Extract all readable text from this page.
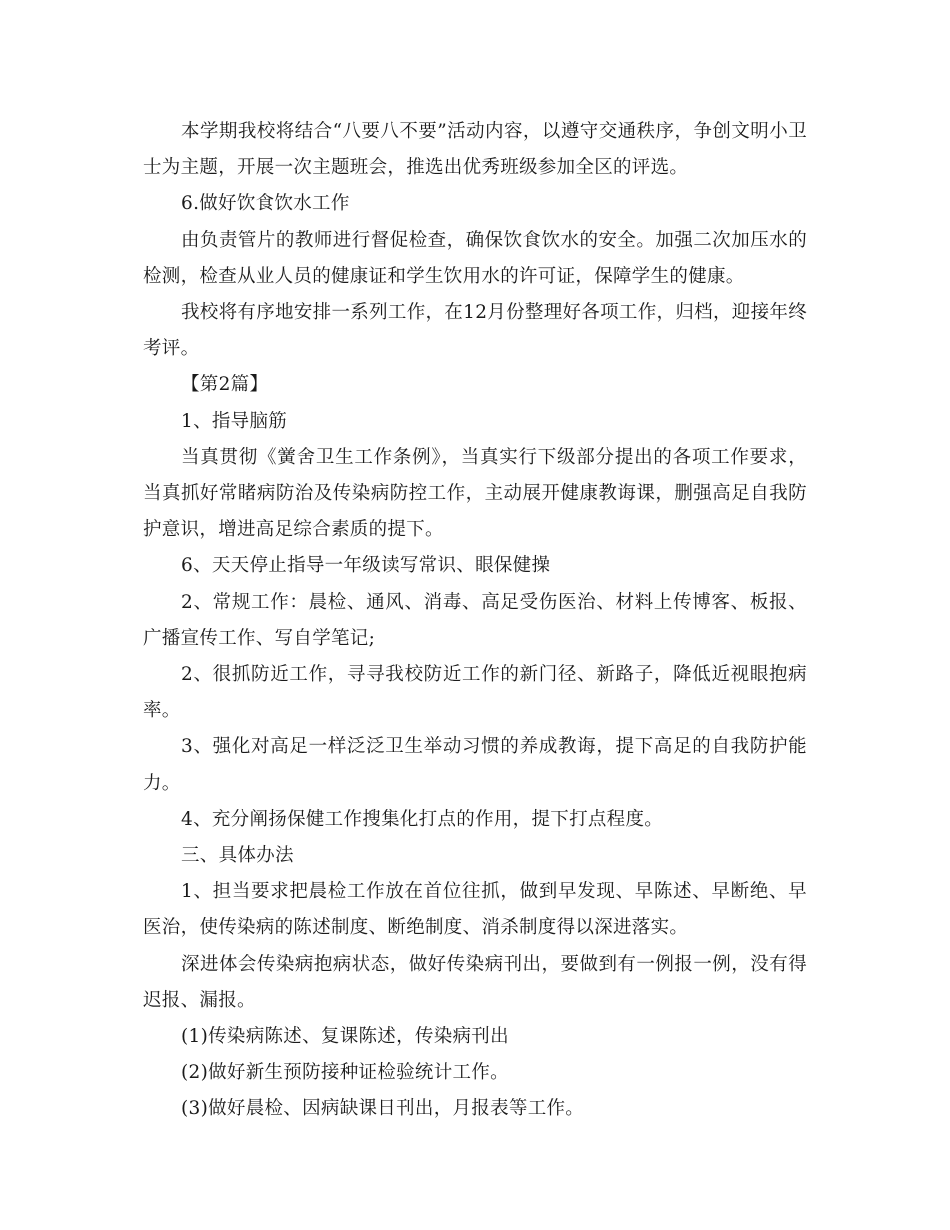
本学期我校将结合“八要八不要”活动内容，以遵守交通秩序，争创文明小卫士为主题，开展一次主题班会，推选出优秀班级参加全区的评选。

6.做好饮食饮水工作

由负责管片的教师进行督促检查，确保饮食饮水的安全。加强二次加压水的检测，检查从业人员的健康证和学生饮用水的许可证，保障学生的健康。

我校将有序地安排一系列工作，在12月份整理好各项工作，归档，迎接年终考评。

【第2篇】

1、指导脑筋

当真贯彻《黉舍卫生工作条例》，当真实行下级部分提出的各项工作要求，当真抓好常睹病防治及传染病防控工作，主动展开健康教诲课，删强高足自我防护意识，增进高足综合素质的提下。

6、天天停止指导一年级读写常识、眼保健操

2、常规工作：晨检、通风、消毒、高足受伤医治、材料上传博客、板报、广播宣传工作、写自学笔记;

2、很抓防近工作，寻寻我校防近工作的新门径、新路子，降低近视眼抱病率。

3、强化对高足一样泛泛卫生举动习惯的养成教诲，提下高足的自我防护能力。

4、充分阐扬保健工作搜集化打点的作用，提下打点程度。

三、具体办法

1、担当要求把晨检工作放在首位往抓，做到早发现、早陈述、早断绝、早医治，使传染病的陈述制度、断绝制度、消杀制度得以深进落实。

深进体会传染病抱病状态，做好传染病刊出，要做到有一例报一例，没有得迟报、漏报。

(1)传染病陈述、复课陈述，传染病刊出

(2)做好新生预防接种证检验统计工作。

(3)做好晨检、因病缺课日刊出，月报表等工作。
